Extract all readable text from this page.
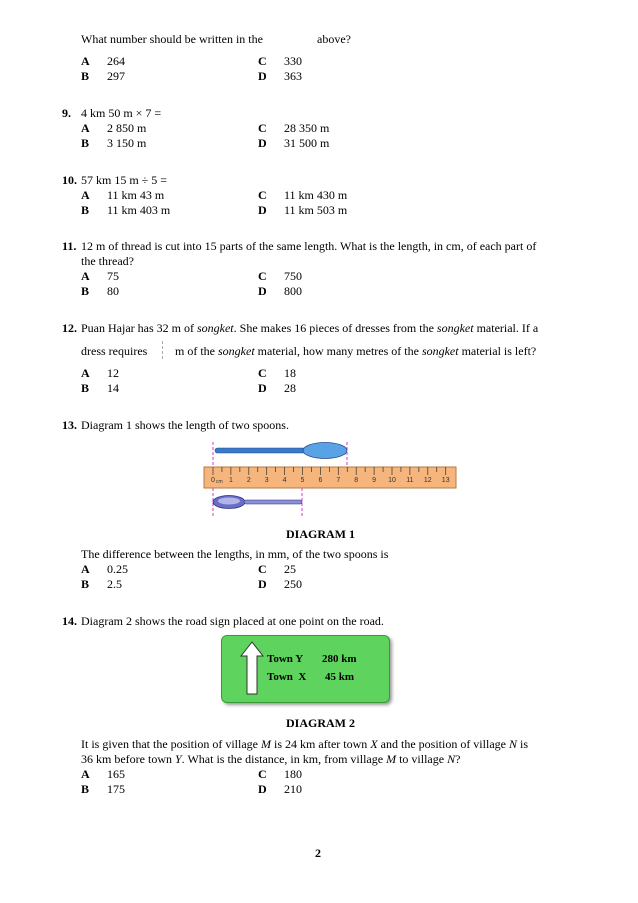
What number should be written in the	above?
A 264
B 297
C 330
D 363
9. 4 km 50 m × 7 =
A 2 850 m
B 3 150 m
C 28 350 m
D 31 500 m
10. 57 km 15 m ÷ 5 =
A 11 km 43 m
B 11 km 403 m
C 11 km 430 m
D 11 km 503 m
11. 12 m of thread is cut into 15 parts of the same length. What is the length, in cm, of each part of
the thread?
A 75
B 80
C 750
D 800
12. Puan Hajar has 32 m of songket. She makes 16 pieces of dresses from the songket material. If a
dress requires m of the songket material, how many metres of the songket material is left?
A 12
B 14
C 18
D 28
13. Diagram 1 shows the length of two spoons.
0 cm 1 2 3 4 5 6 7 8 9 10 11 12 13
DIAGRAM 1
The difference between the lengths, in mm, of the two spoons is
A 0.25
B 2.5
C 25
D 250
14. Diagram 2 shows the road sign placed at one point on the road.
Town Y 280 km
Town  X 45 km
DIAGRAM 2
It is given that the position of village M is 24 km after town X and the position of village N is
36 km before town Y. What is the distance, in km, from village M to village N?
A 165
B 175
C 180
D 210
2
